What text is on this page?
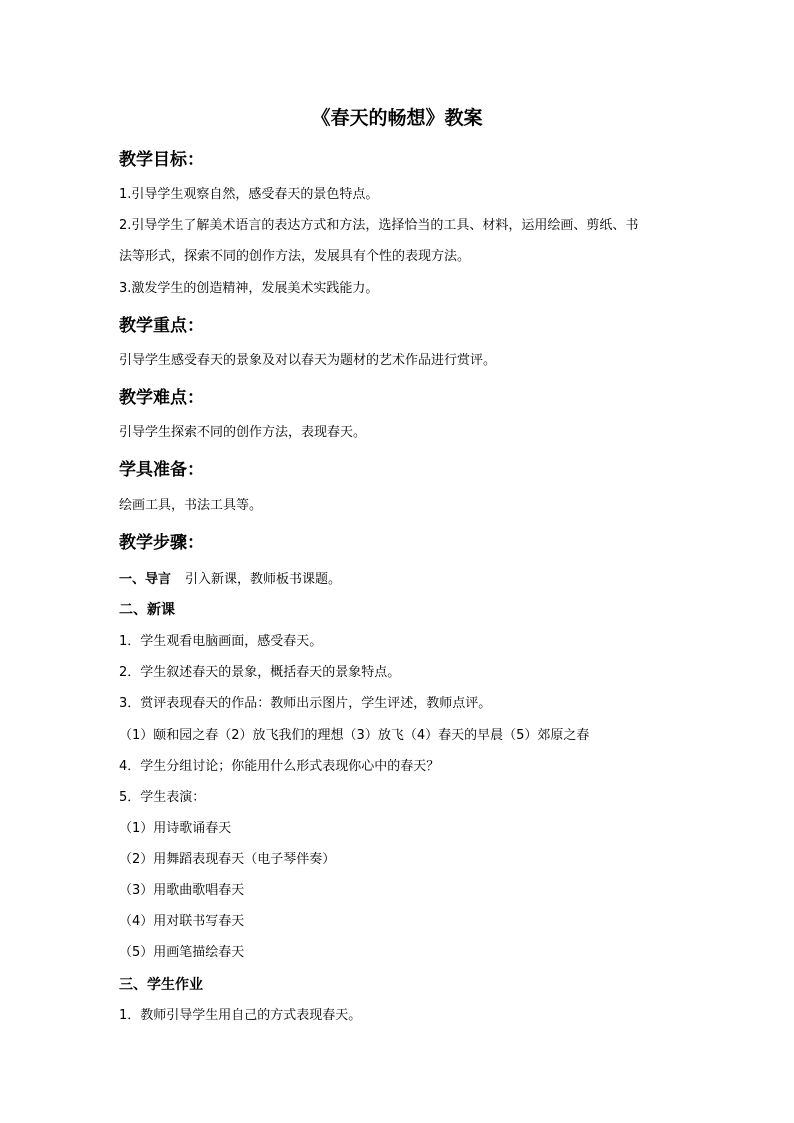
《春天的畅想》教案
教学目标：
1.引导学生观察自然，感受春天的景色特点。
2.引导学生了解美术语言的表达方式和方法，选择恰当的工具、材料，运用绘画、剪纸、书
法等形式，探索不同的创作方法，发展具有个性的表现方法。
3.激发学生的创造精神，发展美术实践能力。
教学重点：
引导学生感受春天的景象及对以春天为题材的艺术作品进行赏评。
教学难点：
引导学生探索不同的创作方法，表现春天。
学具准备：
绘画工具，书法工具等。
教学步骤：
一、导言 引入新课，教师板书课题。
二、新课
1．学生观看电脑画面，感受春天。
2．学生叙述春天的景象，概括春天的景象特点。
3．赏评表现春天的作品：教师出示图片，学生评述，教师点评。
（1）颐和园之春（2）放飞我们的理想（3）放飞（4）春天的早晨（5）郊原之春
4．学生分组讨论；你能用什么形式表现你心中的春天？
5．学生表演：
（1）用诗歌诵春天
（2）用舞蹈表现春天（电子琴伴奏）
（3）用歌曲歌唱春天
（4）用对联书写春天
（5）用画笔描绘春天
三、学生作业
1．教师引导学生用自己的方式表现春天。
